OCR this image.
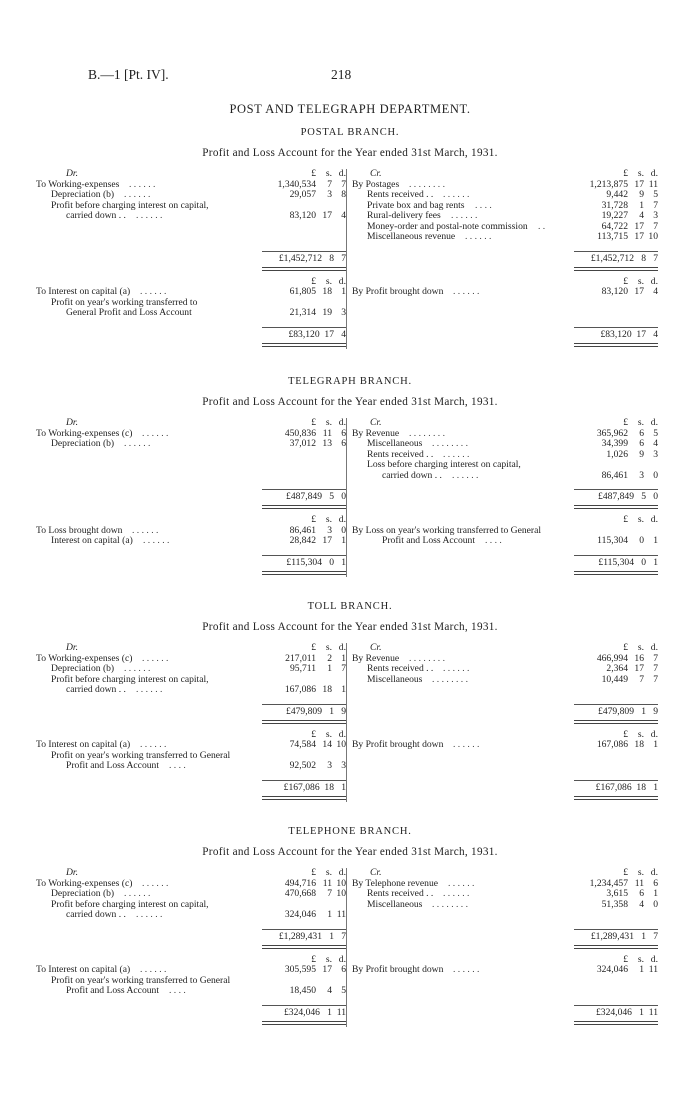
B.—1 [Pt. IV].	218
POST AND TELEGRAPH DEPARTMENT.
POSTAL BRANCH.
Profit and Loss Account for the Year ended 31st March, 1931.
Dr.	£ s. d.
To Working-expenses . . . . . .	1,340,534 7 7
Depreciation (b) . . . . . .	29,057 3 8
Profit before charging interest on capital,
carried down . . . . . . . .	83,120 17 4
£1,452,712   8   7
£ s. d.
To Interest on capital (a) . . . . . .	61,805 18 1
Profit on year's working transferred to
General Profit and Loss Account	21,314 19 3
£83,120  17   4
Cr.	£ s. d.
By Postages . . . . . . . .	1,213,875 17 11
Rents received . . . . . . . .	9,442 9 5
Private box and bag rents . . . .	31,728 1 7
Rural-delivery fees . . . . . .	19,227 4 3
Money-order and postal-note commission . .	64,722 17 7
Miscellaneous revenue . . . . . .	113,715 17 10
£1,452,712   8   7
£ s. d.
By Profit brought down . . . . . .	83,120 17 4
£83,120  17   4
TELEGRAPH BRANCH.
Profit and Loss Account for the Year ended 31st March, 1931.
Dr.	£ s. d.
To Working-expenses (c) . . . . . .	450,836 11 6
Depreciation (b) . . . . . .	37,012 13 6
£487,849   5   0
£ s. d.
To Loss brought down . . . . . .	86,461 3 0
Interest on capital (a) . . . . . .	28,842 17 1
£115,304   0   1
Cr.	£ s. d.
By Revenue . . . . . . . .	365,962 6 5
Miscellaneous . . . . . . . .	34,399 6 4
Rents received . . . . . . . .	1,026 9 3
Loss before charging interest on capital,
carried down . . . . . . . .	86,461 3 0
£487,849   5   0
£ s. d.
By Loss on year's working transferred to General
Profit and Loss Account . . . .	115,304 0 1
£115,304   0   1
TOLL BRANCH.
Profit and Loss Account for the Year ended 31st March, 1931.
Dr.	£ s. d.
To Working-expenses (c) . . . . . .	217,011 2 1
Depreciation (b) . . . . . .	95,711 1 7
Profit before charging interest on capital,
carried down . . . . . . . .	167,086 18 1
£479,809   1   9
£ s. d.
To Interest on capital (a) . . . . . .	74,584 14 10
Profit on year's working transferred to General
Profit and Loss Account . . . .	92,502 3 3
£167,086  18   1
Cr.	£ s. d.
By Revenue . . . . . . . .	466,994 16 7
Rents received . . . . . . . .	2,364 17 7
Miscellaneous . . . . . . . .	10,449 7 7
£479,809   1   9
£ s. d.
By Profit brought down . . . . . .	167,086 18 1
£167,086  18   1
TELEPHONE BRANCH.
Profit and Loss Account for the Year ended 31st March, 1931.
Dr.	£ s. d.
To Working-expenses (c) . . . . . .	494,716 11 10
Depreciation (b) . . . . . .	470,668 7 10
Profit before charging interest on capital,
carried down . . . . . . . .	324,046 1 11
£1,289,431   1   7
£ s. d.
To Interest on capital (a) . . . . . .	305,595 17 6
Profit on year's working transferred to General
Profit and Loss Account . . . .	18,450 4 5
£324,046   1  11
Cr.	£ s. d.
By Telephone revenue . . . . . .	1,234,457 11 6
Rents received . . . . . . . .	3,615 6 1
Miscellaneous . . . . . . . .	51,358 4 0
£1,289,431   1   7
£ s. d.
By Profit brought down . . . . . .	324,046 1 11
£324,046   1  11
